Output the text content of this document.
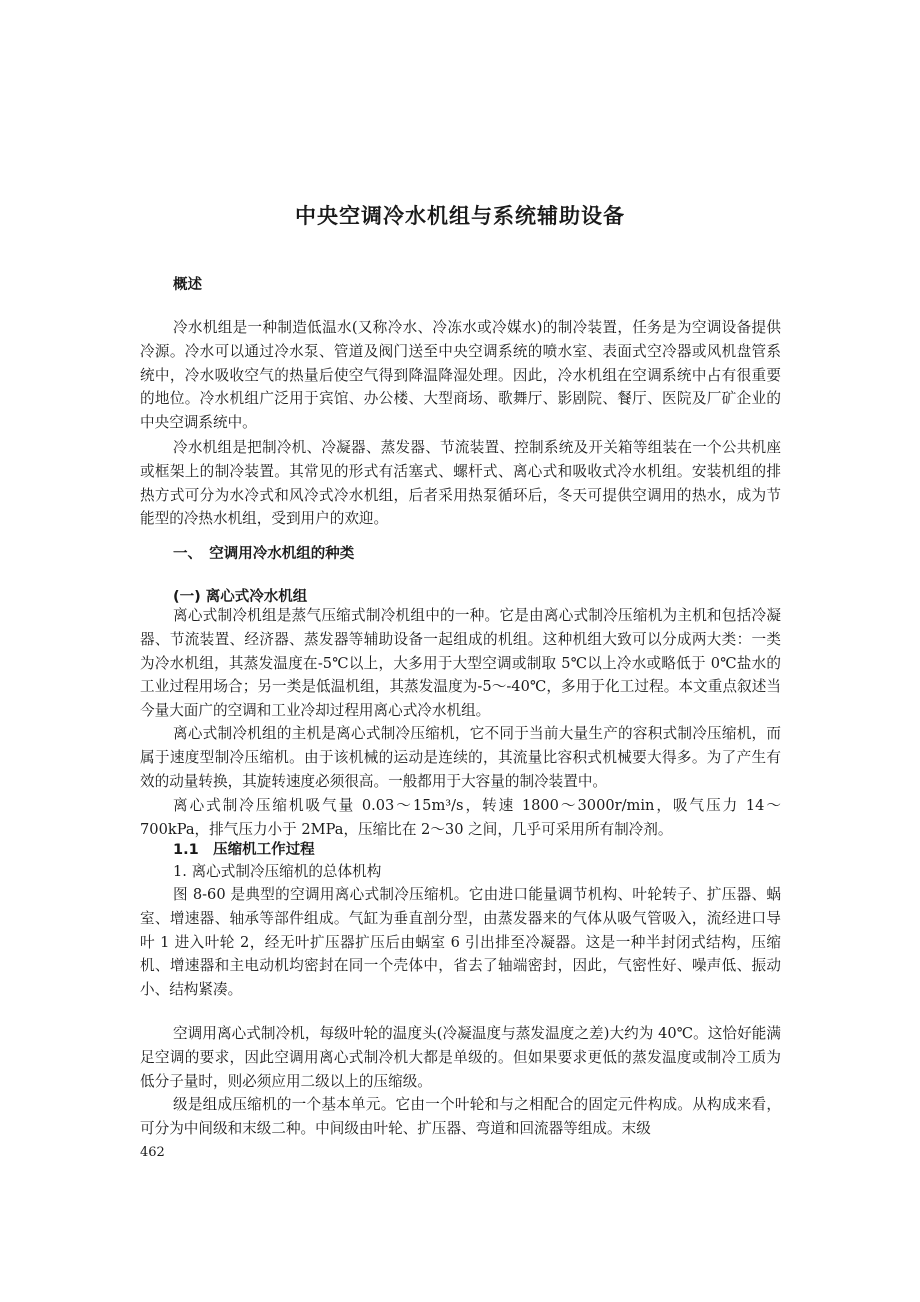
中央空调冷水机组与系统辅助设备
概述

冷水机组是一种制造低温水(又称冷水、冷冻水或冷媒水)的制冷装置，任务是为空调设备提供冷源。冷水可以通过冷水泵、管道及阀门送至中央空调系统的喷水室、表面式空冷器或风机盘管系统中，冷水吸收空气的热量后使空气得到降温降湿处理。因此，冷水机组在空调系统中占有很重要的地位。冷水机组广泛用于宾馆、办公楼、大型商场、歌舞厅、影剧院、餐厅、医院及厂矿企业的中央空调系统中。

冷水机组是把制冷机、冷凝器、蒸发器、节流装置、控制系统及开关箱等组装在一个公共机座或框架上的制冷装置。其常见的形式有活塞式、螺杆式、离心式和吸收式冷水机组。安装机组的排热方式可分为水冷式和风冷式冷水机组，后者采用热泵循环后，冬天可提供空调用的热水，成为节能型的冷热水机组，受到用户的欢迎。

一、　空调用冷水机组的种类
(一) 离心式冷水机组

离心式制冷机组是蒸气压缩式制冷机组中的一种。它是由离心式制冷压缩机为主机和包括冷凝器、节流装置、经济器、蒸发器等辅助设备一起组成的机组。这种机组大致可以分成两大类：一类为冷水机组，其蒸发温度在-5℃以上，大多用于大型空调或制取 5℃以上冷水或略低于 0℃盐水的工业过程用场合；另一类是低温机组，其蒸发温度为-5～-40℃，多用于化工过程。本文重点叙述当今量大面广的空调和工业冷却过程用离心式冷水机组。

离心式制冷机组的主机是离心式制冷压缩机，它不同于当前大量生产的容积式制冷压缩机，而属于速度型制冷压缩机。由于该机械的运动是连续的，其流量比容积式机械要大得多。为了产生有效的动量转换，其旋转速度必须很高。一般都用于大容量的制冷装置中。

离心式制冷压缩机吸气量 0.03～15m³/s，转速 1800～3000r/min，吸气压力 14～700kPa，排气压力小于 2MPa，压缩比在 2～30 之间，几乎可采用所有制冷剂。

1.1　压缩机工作过程
1. 离心式制冷压缩机的总体机构

图 8-60 是典型的空调用离心式制冷压缩机。它由进口能量调节机构、叶轮转子、扩压器、蜗室、增速器、轴承等部件组成。气缸为垂直剖分型，由蒸发器来的气体从吸气管吸入，流经进口导叶 1 进入叶轮 2，经无叶扩压器扩压后由蜗室 6 引出排至冷凝器。这是一种半封闭式结构，压缩机、增速器和主电动机均密封在同一个壳体中，省去了轴端密封，因此，气密性好、噪声低、振动小、结构紧凑。

空调用离心式制冷机，每级叶轮的温度头(冷凝温度与蒸发温度之差)大约为 40℃。这恰好能满足空调的要求，因此空调用离心式制冷机大都是单级的。但如果要求更低的蒸发温度或制冷工质为低分子量时，则必须应用二级以上的压缩级。

级是组成压缩机的一个基本单元。它由一个叶轮和与之相配合的固定元件构成。从构成来看，可分为中间级和末级二种。中间级由叶轮、扩压器、弯道和回流器等组成。末级

462
